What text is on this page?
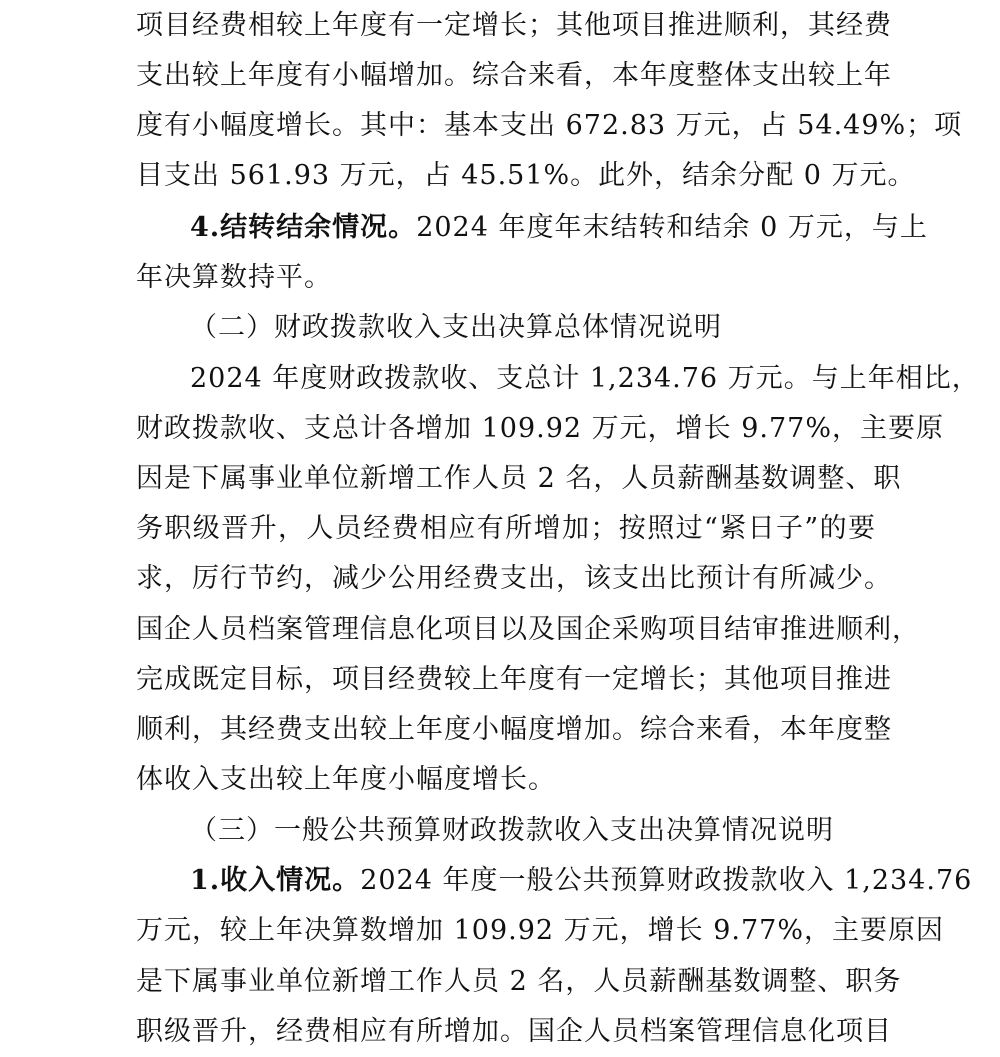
项目经费相较上年度有一定增长；其他项目推进顺利，其经费
支出较上年度有小幅增加。综合来看，本年度整体支出较上年
度有小幅度增长。其中：基本支出 672.83 万元，占 54.49%；项
目支出 561.93 万元，占 45.51%。此外，结余分配 0 万元。
4.结转结余情况。2024 年度年末结转和结余 0 万元，与上
年决算数持平。
（二）财政拨款收入支出决算总体情况说明
2024 年度财政拨款收、支总计 1,234.76 万元。与上年相比，
财政拨款收、支总计各增加 109.92 万元，增长 9.77%，主要原
因是下属事业单位新增工作人员 2 名，人员薪酬基数调整、职
务职级晋升，人员经费相应有所增加；按照过“紧日子”的要
求，厉行节约，减少公用经费支出，该支出比预计有所减少。
国企人员档案管理信息化项目以及国企采购项目结审推进顺利，
完成既定目标，项目经费较上年度有一定增长；其他项目推进
顺利，其经费支出较上年度小幅度增加。综合来看，本年度整
体收入支出较上年度小幅度增长。
（三）一般公共预算财政拨款收入支出决算情况说明
1.收入情况。2024 年度一般公共预算财政拨款收入 1,234.76
万元，较上年决算数增加 109.92 万元，增长 9.77%，主要原因
是下属事业单位新增工作人员 2 名，人员薪酬基数调整、职务
职级晋升，经费相应有所增加。国企人员档案管理信息化项目
